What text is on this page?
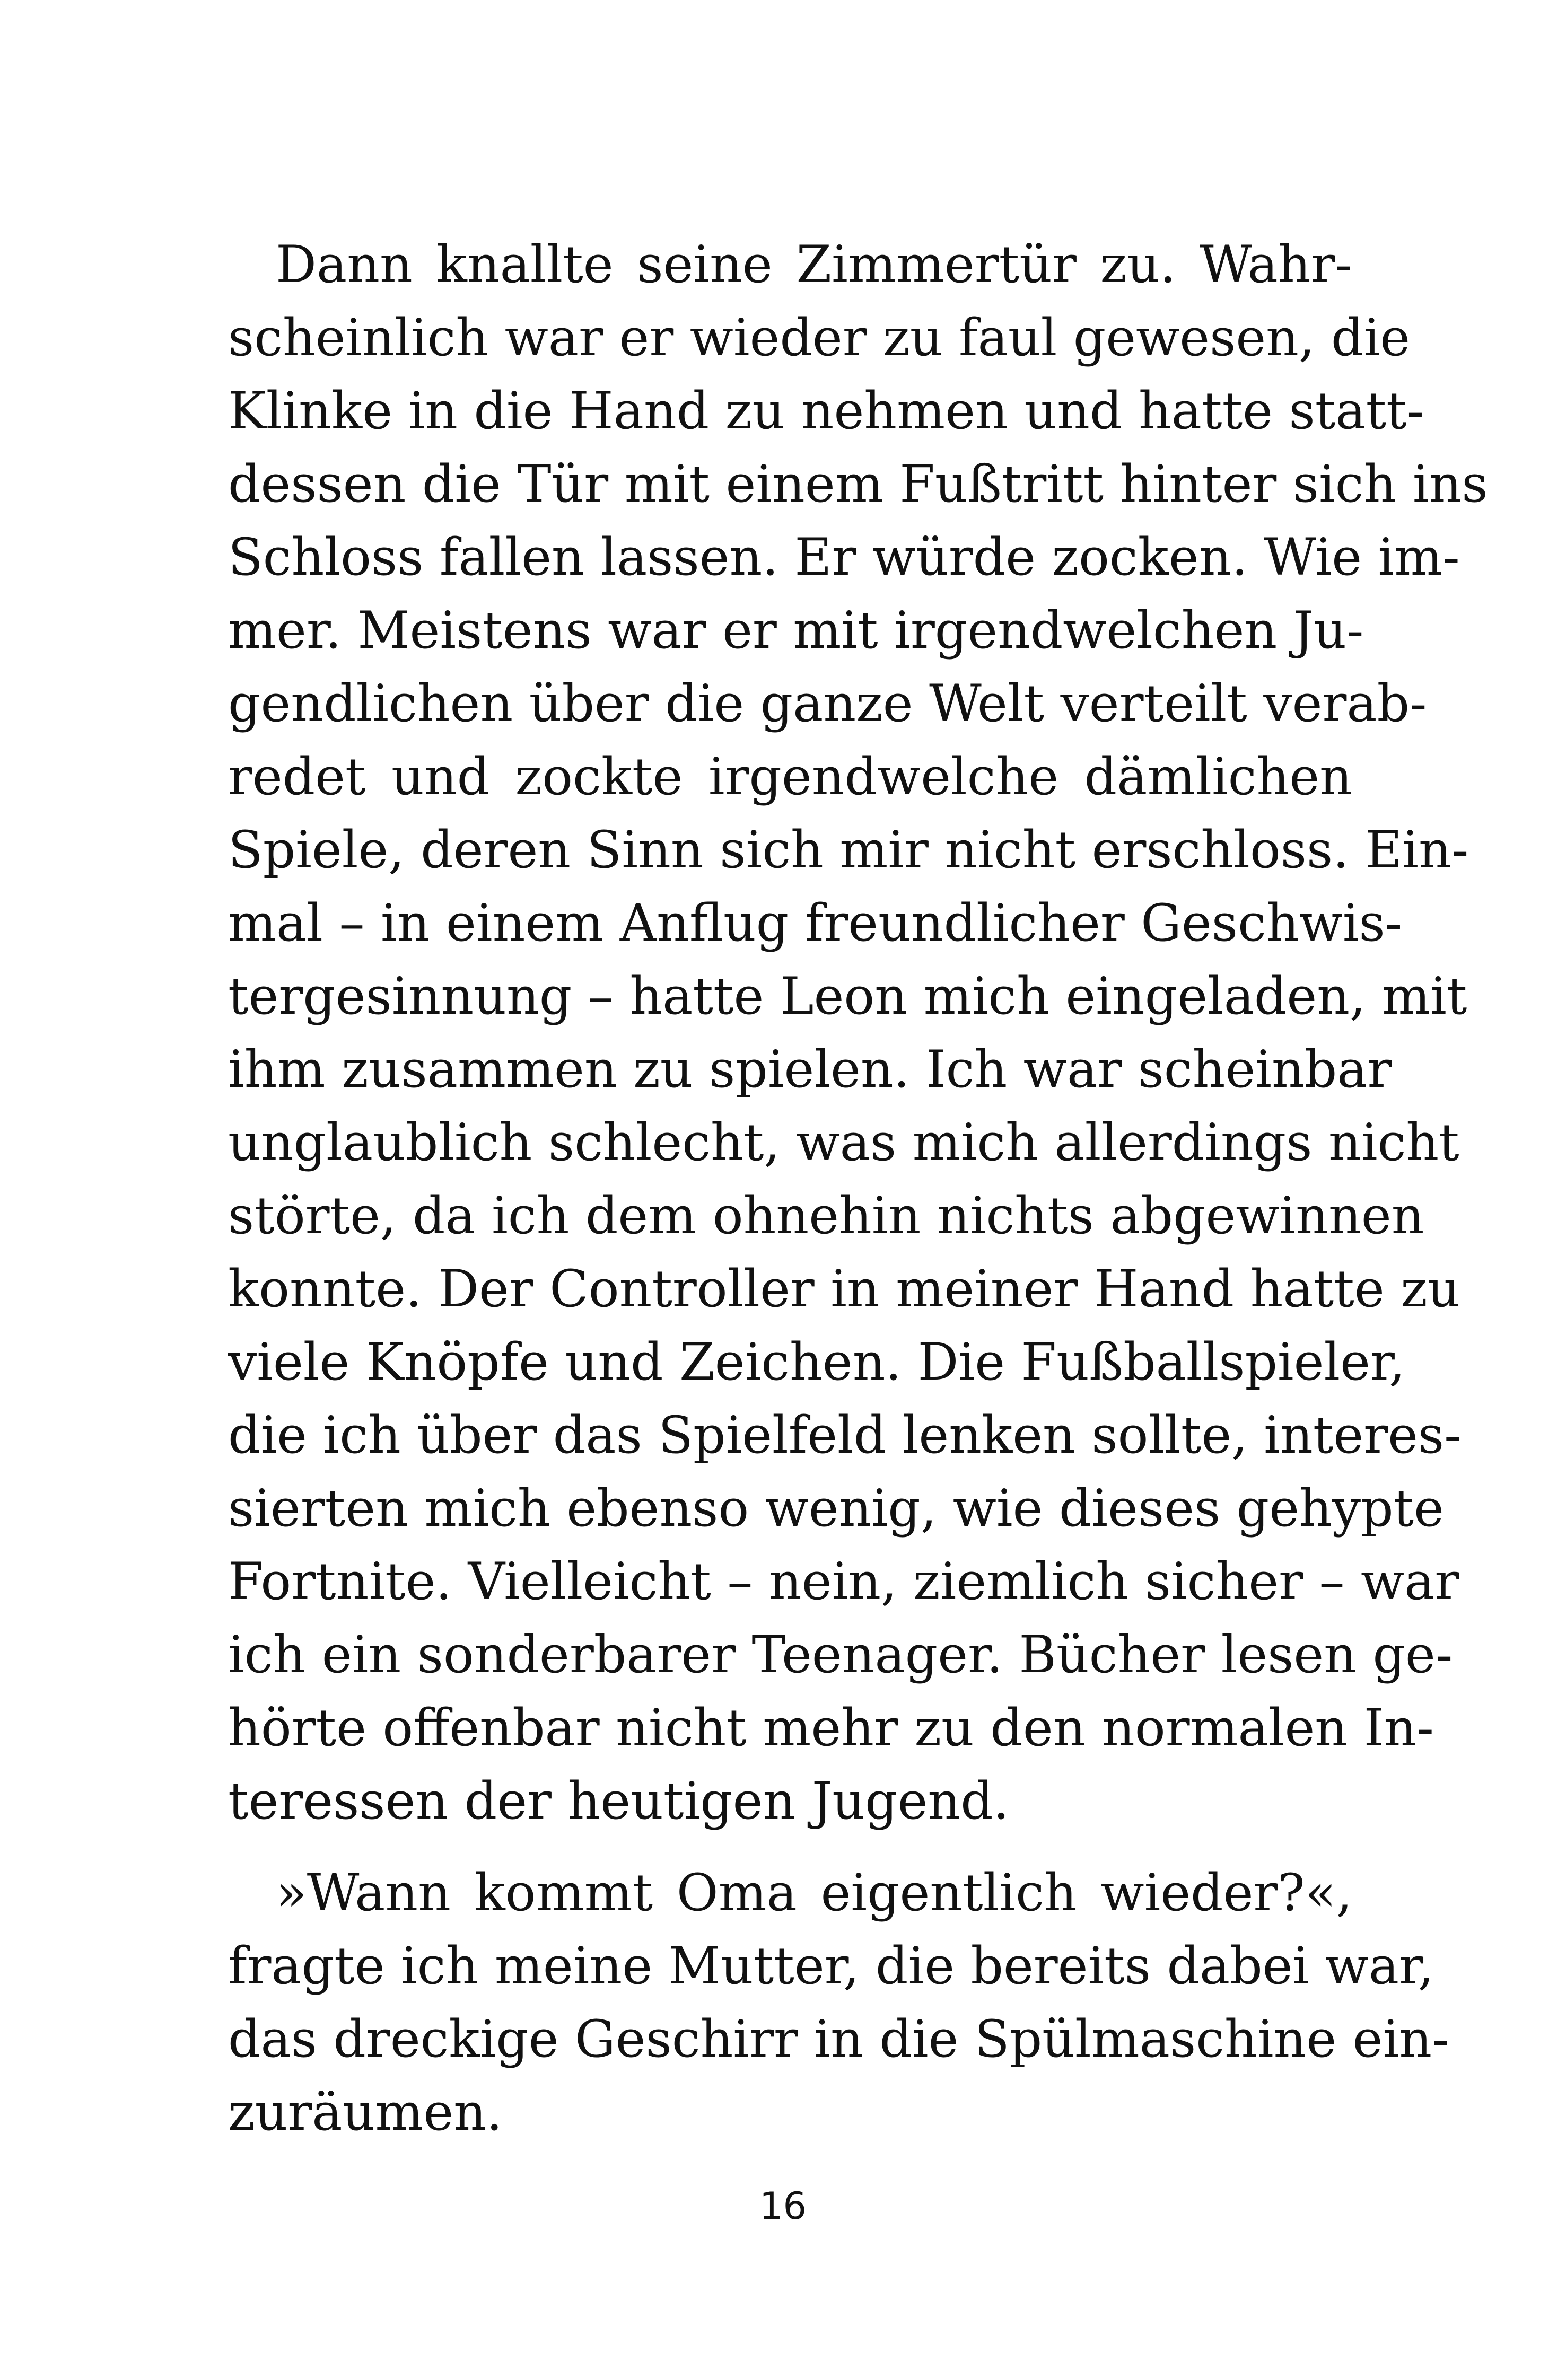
Dann knallte seine Zimmertür zu. Wahr-
scheinlich war er wieder zu faul gewesen, die
Klinke in die Hand zu nehmen und hatte statt-
dessen die Tür mit einem Fußtritt hinter sich ins
Schloss fallen lassen. Er würde zocken. Wie im-
mer. Meistens war er mit irgendwelchen Ju-
gendlichen über die ganze Welt verteilt verab-
redet und zockte irgendwelche dämlichen
Spiele, deren Sinn sich mir nicht erschloss. Ein-
mal – in einem Anflug freundlicher Geschwis-
tergesinnung – hatte Leon mich eingeladen, mit
ihm zusammen zu spielen. Ich war scheinbar
unglaublich schlecht, was mich allerdings nicht
störte, da ich dem ohnehin nichts abgewinnen
konnte. Der Controller in meiner Hand hatte zu
viele Knöpfe und Zeichen. Die Fußballspieler,
die ich über das Spielfeld lenken sollte, interes-
sierten mich ebenso wenig, wie dieses gehypte
Fortnite. Vielleicht – nein, ziemlich sicher – war
ich ein sonderbarer Teenager. Bücher lesen ge-
hörte offenbar nicht mehr zu den normalen In-
teressen der heutigen Jugend.
»Wann kommt Oma eigentlich wieder?«,
fragte ich meine Mutter, die bereits dabei war,
das dreckige Geschirr in die Spülmaschine ein-
zuräumen.
16
